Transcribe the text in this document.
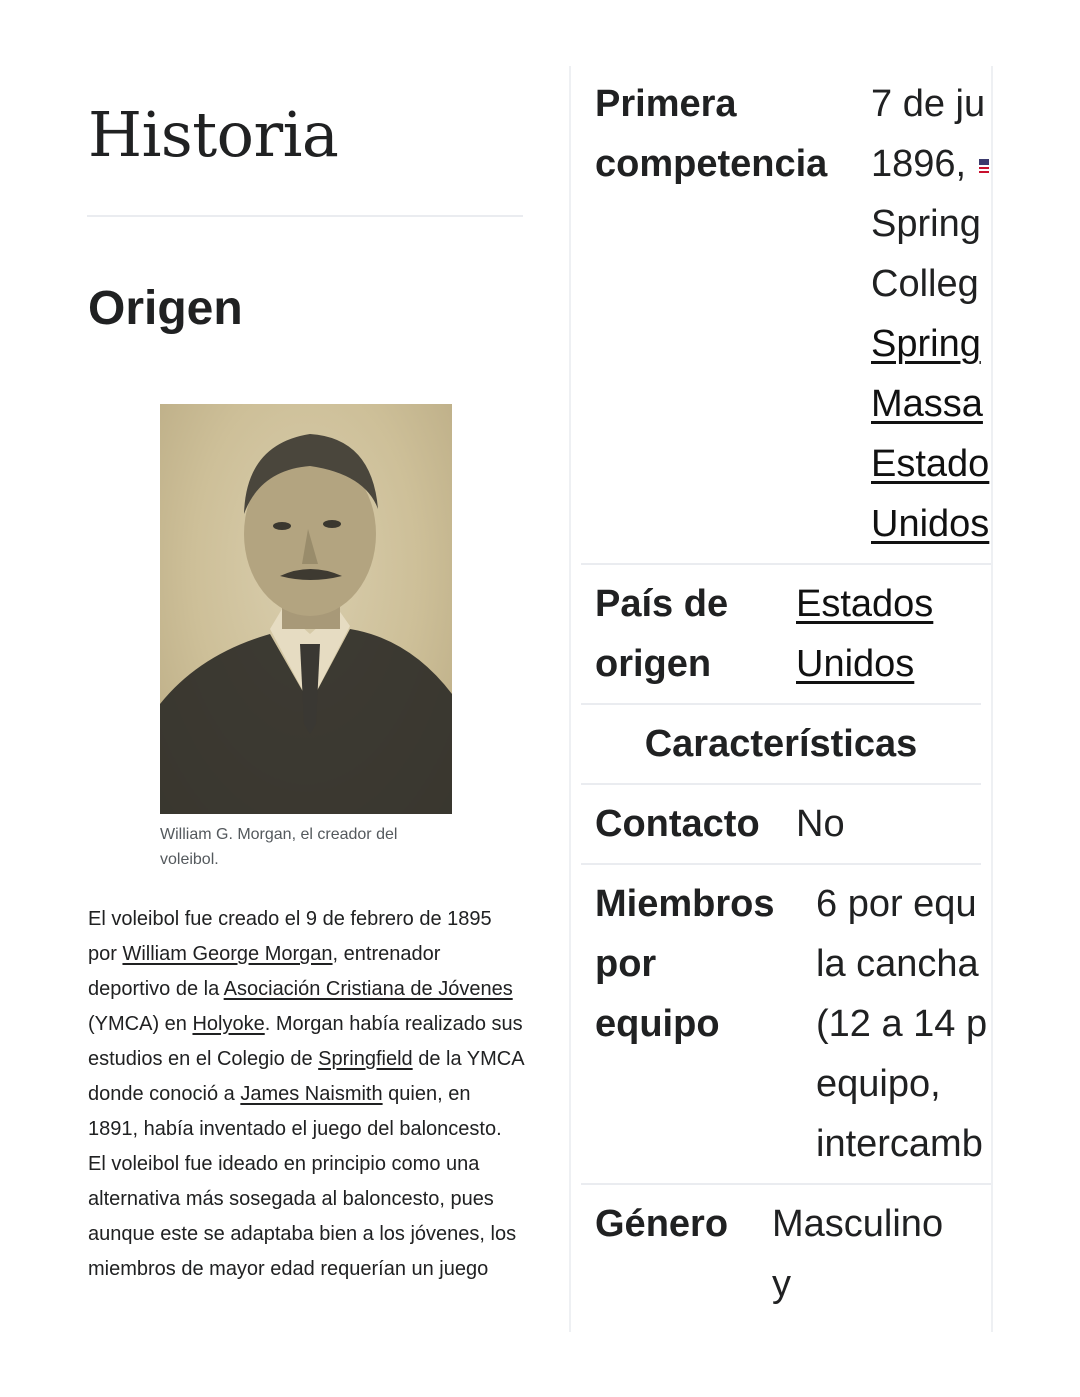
Historia
Origen
William G. Morgan, el creador del voleibol.

El voleibol fue creado el 9 de febrero de 1895 por William George Morgan, entrenador deportivo de la Asociación Cristiana de Jóvenes (YMCA) en Holyoke. Morgan había realizado sus estudios en el Colegio de Springfield de la YMCA donde conoció a James Naismith quien, en 1891, había inventado el juego del baloncesto. El voleibol fue ideado en principio como una alternativa más sosegada al baloncesto, pues aunque este se adaptaba bien a los jóvenes, los miembros de mayor edad requerían un juego

Primera
competencia
7 de ju
1896,
Spring
Colleg
Spring
Massa
Estado
Unidos
País de
origen
Estados
Unidos
Características
Contacto No
Miembros
por
equipo
6 por equ
la cancha
(12 a 14 p
equipo,
intercamb
Género Masculino
y
